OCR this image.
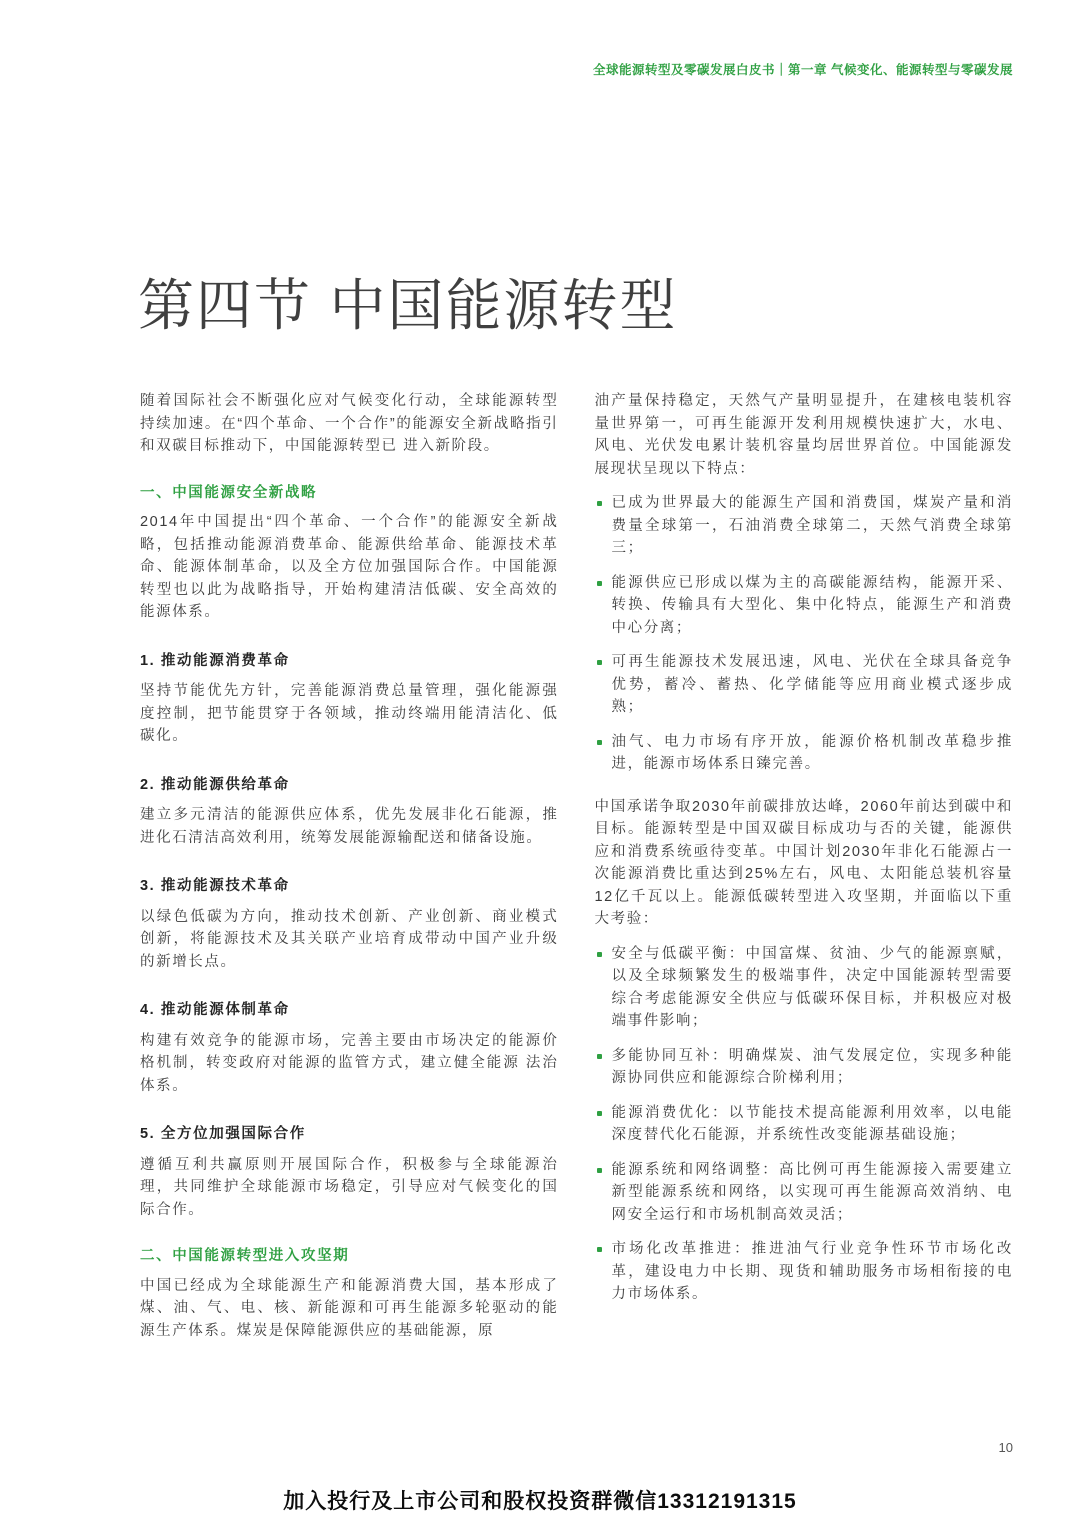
全球能源转型及零碳发展白皮书｜第一章 气候变化、能源转型与零碳发展
第四节 中国能源转型

随着国际社会不断强化应对气候变化行动，全球能源转型持续加速。在“四个革命、一个合作”的能源安全新战略指引和双碳目标推动下，中国能源转型已 进入新阶段。

一、中国能源安全新战略

2014年中国提出“四个革命、一个合作”的能源安全新战略，包括推动能源消费革命、能源供给革命、能源技术革命、能源体制革命，以及全方位加强国际合作。中国能源转型也以此为战略指导，开始构建清洁低碳、安全高效的能源体系。

1. 推动能源消费革命

坚持节能优先方针，完善能源消费总量管理，强化能源强度控制，把节能贯穿于各领域，推动终端用能清洁化、低碳化。

2. 推动能源供给革命

建立多元清洁的能源供应体系，优先发展非化石能源，推进化石清洁高效利用，统筹发展能源输配送和储备设施。

3. 推动能源技术革命

以绿色低碳为方向，推动技术创新、产业创新、商业模式创新，将能源技术及其关联产业培育成带动中国产业升级的新增长点。

4. 推动能源体制革命

构建有效竞争的能源市场，完善主要由市场决定的能源价格机制，转变政府对能源的监管方式，建立健全能源 法治体系。

5. 全方位加强国际合作

遵循互利共赢原则开展国际合作，积极参与全球能源治理，共同维护全球能源市场稳定，引导应对气候变化的国际合作。

二、中国能源转型进入攻坚期

中国已经成为全球能源生产和能源消费大国，基本形成了煤、油、气、电、核、新能源和可再生能源多轮驱动的能源生产体系。煤炭是保障能源供应的基础能源，原

油产量保持稳定，天然气产量明显提升，在建核电装机容量世界第一，可再生能源开发利用规模快速扩大，水电、风电、光伏发电累计装机容量均居世界首位。中国能源发展现状呈现以下特点：

已成为世界最大的能源生产国和消费国，煤炭产量和消费量全球第一，石油消费全球第二，天然气消费全球第三；
能源供应已形成以煤为主的高碳能源结构，能源开采、转换、传输具有大型化、集中化特点，能源生产和消费中心分离；
可再生能源技术发展迅速，风电、光伏在全球具备竞争优势，蓄冷、蓄热、化学储能等应用商业模式逐步成熟；
油气、电力市场有序开放，能源价格机制改革稳步推进，能源市场体系日臻完善。

中国承诺争取2030年前碳排放达峰，2060年前达到碳中和目标。能源转型是中国双碳目标成功与否的关键，能源供应和消费系统亟待变革。中国计划2030年非化石能源占一次能源消费比重达到25%左右，风电、太阳能总装机容量12亿千瓦以上。能源低碳转型进入攻坚期，并面临以下重大考验：

安全与低碳平衡：中国富煤、贫油、少气的能源禀赋，以及全球频繁发生的极端事件，决定中国能源转型需要综合考虑能源安全供应与低碳环保目标，并积极应对极端事件影响；
多能协同互补：明确煤炭、油气发展定位，实现多种能源协同供应和能源综合阶梯利用；
能源消费优化：以节能技术提高能源利用效率，以电能深度替代化石能源，并系统性改变能源基础设施；
能源系统和网络调整：高比例可再生能源接入需要建立新型能源系统和网络，以实现可再生能源高效消纳、电网安全运行和市场机制高效灵活；
市场化改革推进：推进油气行业竞争性环节市场化改革，建设电力中长期、现货和辅助服务市场相衔接的电力市场体系。
10
加入投行及上市公司和股权投资群微信13312191315
